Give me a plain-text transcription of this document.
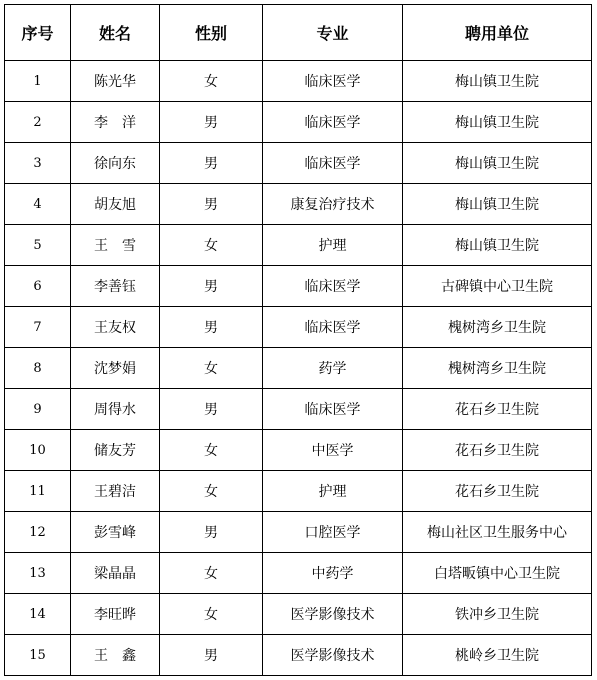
序号	姓名	性别	专业	聘用单位
1	陈光华	女	临床医学	梅山镇卫生院
2	李　洋	男	临床医学	梅山镇卫生院
3	徐向东	男	临床医学	梅山镇卫生院
4	胡友旭	男	康复治疗技术	梅山镇卫生院
5	王　雪	女	护理	梅山镇卫生院
6	李善钰	男	临床医学	古碑镇中心卫生院
7	王友权	男	临床医学	槐树湾乡卫生院
8	沈梦娟	女	药学	槐树湾乡卫生院
9	周得水	男	临床医学	花石乡卫生院
10	储友芳	女	中医学	花石乡卫生院
11	王碧洁	女	护理	花石乡卫生院
12	彭雪峰	男	口腔医学	梅山社区卫生服务中心
13	梁晶晶	女	中药学	白塔畈镇中心卫生院
14	李旺晔	女	医学影像技术	铁冲乡卫生院
15	王　鑫	男	医学影像技术	桃岭乡卫生院
